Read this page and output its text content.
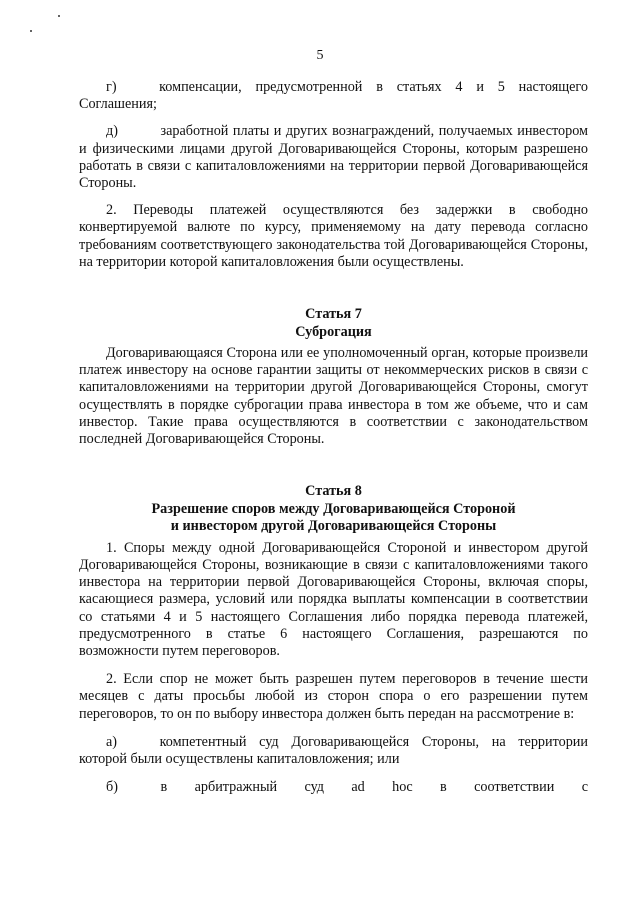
5

г)   компенсации, предусмотренной в статьях 4 и 5 настоящего Соглашения;

д)   заработной платы и других вознаграждений, получаемых инвестором и физическими лицами другой Договаривающейся Стороны, которым разрешено работать в связи с капиталовложениями на территории первой Договаривающейся Стороны.

2. Переводы платежей осуществляются без задержки в свободно конвертируемой валюте по курсу, применяемому на дату перевода согласно требованиям соответствующего законодательства той Договаривающейся Стороны, на территории которой капиталовложения были осуществлены.

Статья 7

Суброгация

Договаривающаяся Сторона или ее уполномоченный орган, которые произвели платеж инвестору на основе гарантии защиты от некоммерческих рисков в связи с капиталовложениями на территории другой Договаривающейся Стороны, смогут осуществлять в порядке суброгации права инвестора в том же объеме, что и сам инвестор. Такие права осуществляются в соответствии с законодательством последней Договаривающейся Стороны.

Статья 8

Разрешение споров между Договаривающейся Стороной

и инвестором другой Договаривающейся Стороны

1. Споры между одной Договаривающейся Стороной и инвестором другой Договаривающейся Стороны, возникающие в связи с капиталовложениями такого инвестора на территории первой Договаривающейся Стороны, включая споры, касающиеся размера, условий или порядка выплаты компенсации в соответствии со статьями 4 и 5 настоящего Соглашения либо порядка перевода платежей, предусмотренного в статье 6 настоящего Соглашения, разрешаются по возможности путем переговоров.

2. Если спор не может быть разрешен путем переговоров в течение шести месяцев с даты просьбы любой из сторон спора о его разрешении путем переговоров, то он по выбору инвестора должен быть передан на рассмотрение в:

а)   компетентный суд Договаривающейся Стороны, на территории которой были осуществлены капиталовложения; или

б)   в арбитражный суд ad hoc в соответствии с
